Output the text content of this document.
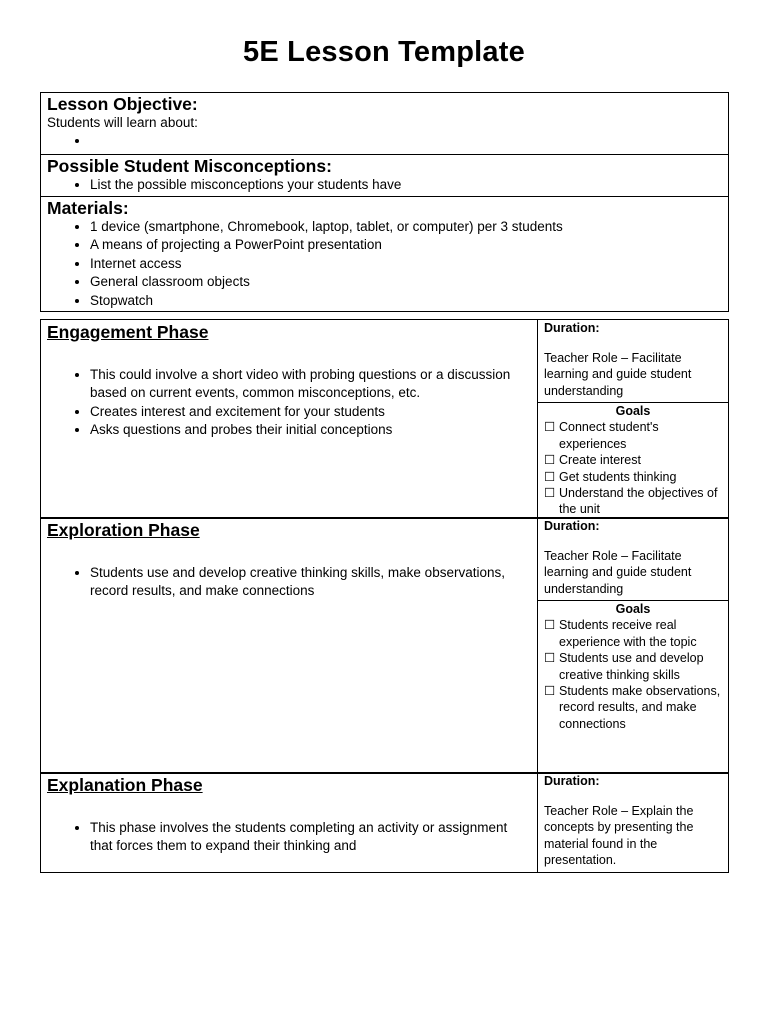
5E Lesson Template
Lesson Objective:
Students will learn about:
•
Possible Student Misconceptions:
• List the possible misconceptions your students have
Materials:
• 1 device (smartphone, Chromebook, laptop, tablet, or computer) per 3 students
• A means of projecting a PowerPoint presentation
• Internet access
• General classroom objects
• Stopwatch
Engagement Phase
• This could involve a short video with probing questions or a discussion based on current events, common misconceptions, etc.
• Creates interest and excitement for your students
• Asks questions and probes their initial conceptions
Duration:
Teacher Role – Facilitate learning and guide student understanding
Goals
☐ Connect student's experiences
☐ Create interest
☐ Get students thinking
☐ Understand the objectives of the unit
Exploration Phase
• Students use and develop creative thinking skills, make observations, record results, and make connections
Duration:
Teacher Role – Facilitate learning and guide student understanding
Goals
☐ Students receive real experience with the topic
☐ Students use and develop creative thinking skills
☐ Students make observations, record results, and make connections
Explanation Phase
• This phase involves the students completing an activity or assignment that forces them to expand their thinking and
Duration:
Teacher Role – Explain the concepts by presenting the material found in the presentation.
